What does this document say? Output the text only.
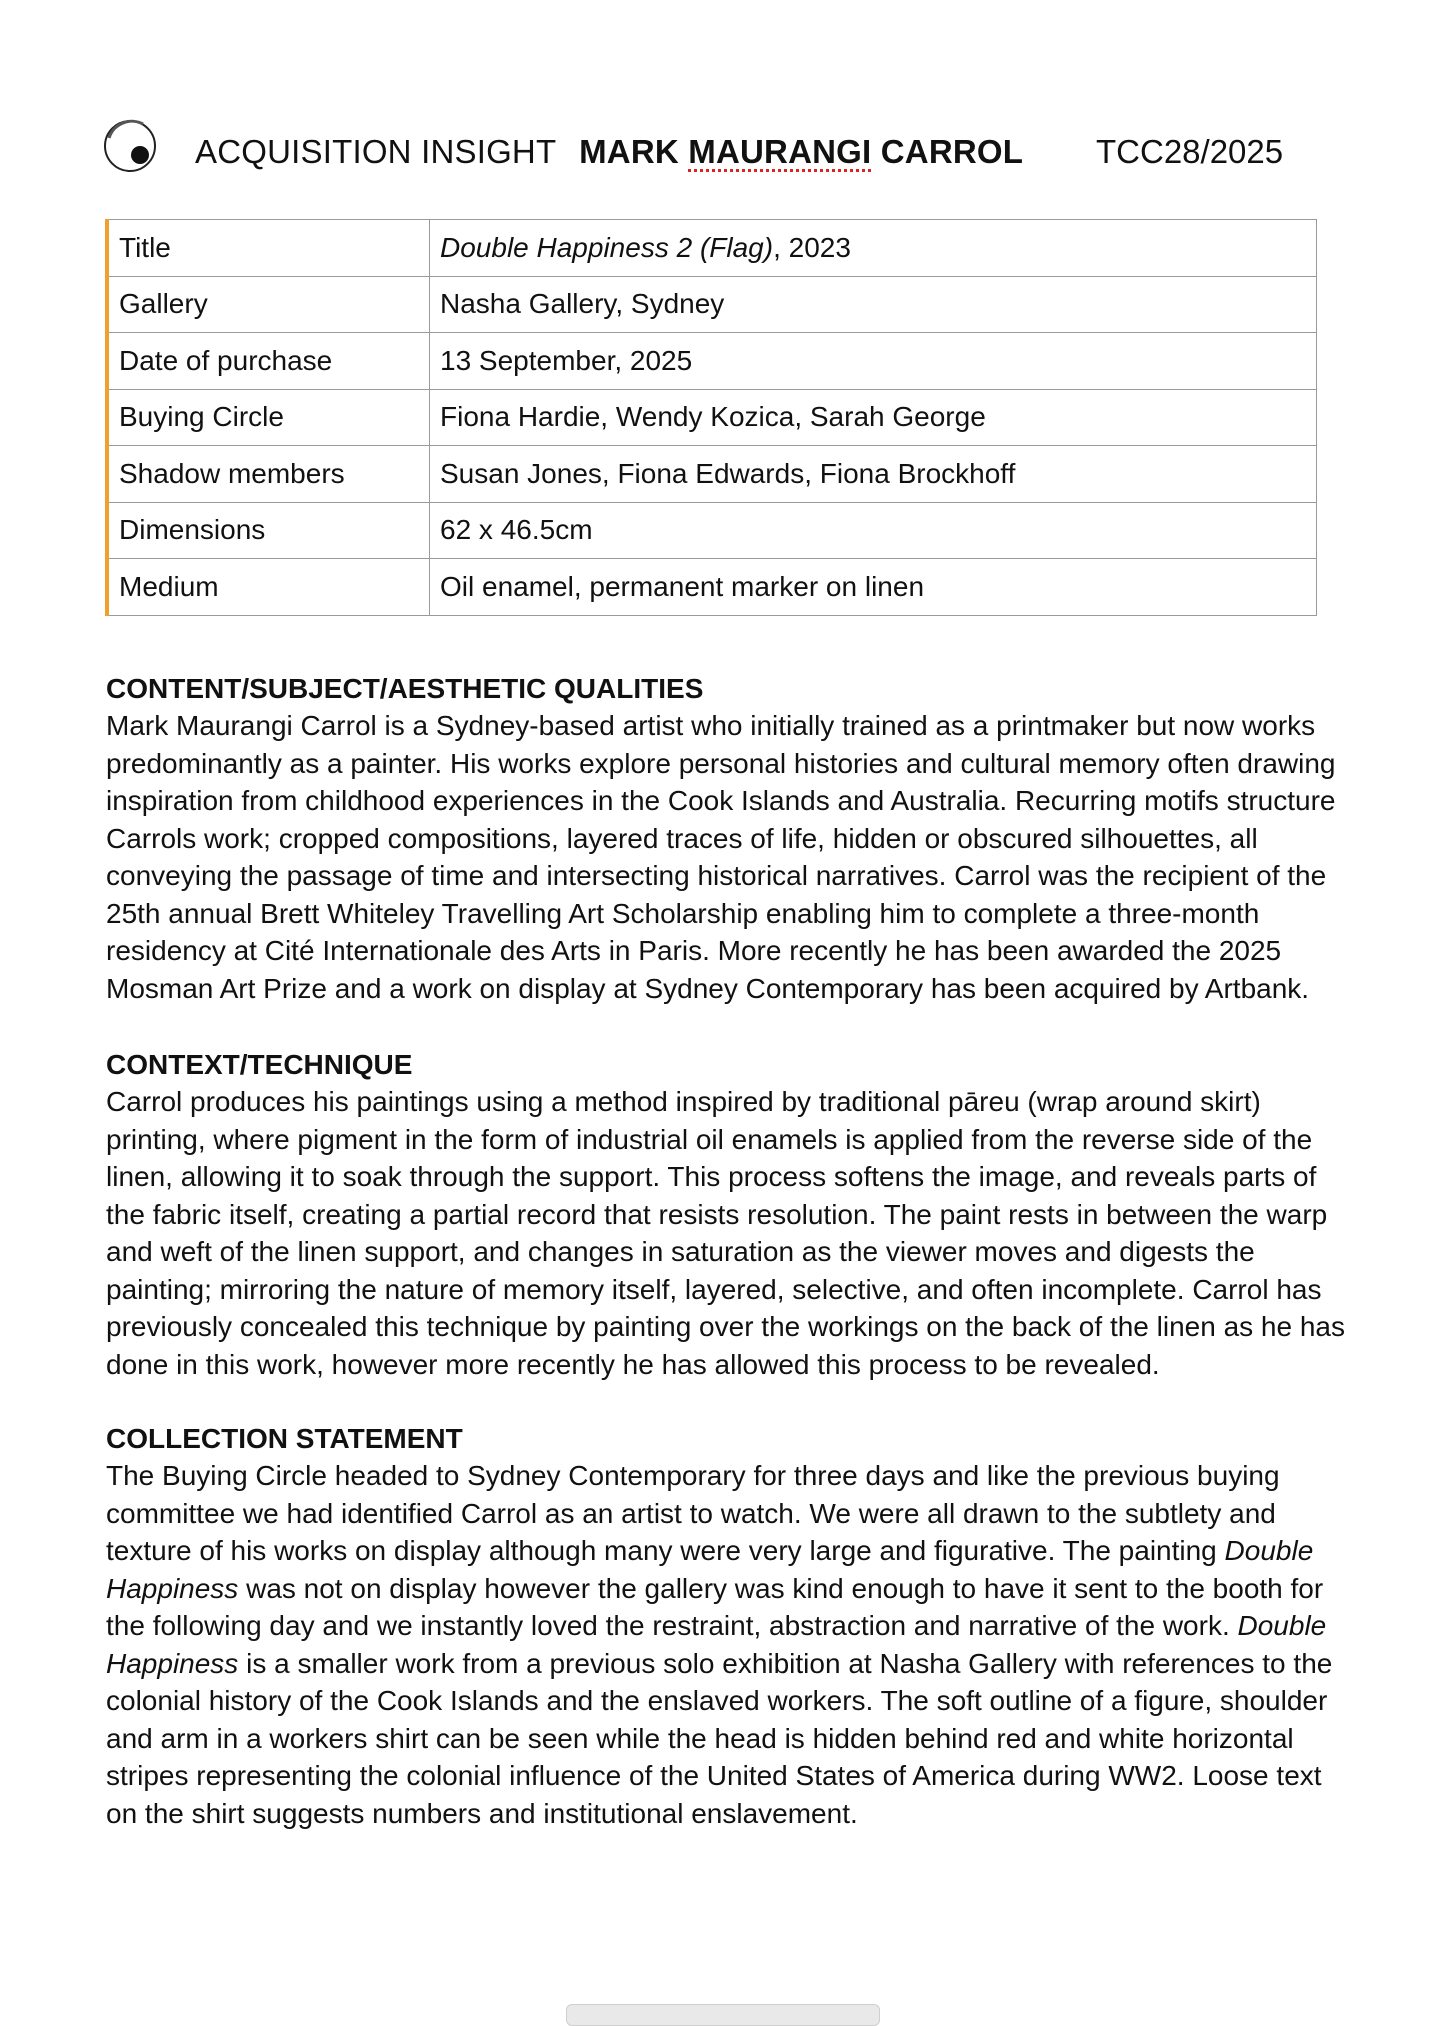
ACQUISITION INSIGHT MARK MAURANGI CARROL TCC28/2025
Title	Double Happiness 2 (Flag), 2023
Gallery	Nasha Gallery, Sydney
Date of purchase	13 September, 2025
Buying Circle	Fiona Hardie, Wendy Kozica, Sarah George
Shadow members	Susan Jones, Fiona Edwards, Fiona Brockhoff
Dimensions	62 x 46.5cm
Medium	Oil enamel, permanent marker on linen
CONTENT/SUBJECT/AESTHETIC QUALITIES

Mark Maurangi Carrol is a Sydney-based artist who initially trained as a printmaker but now works predominantly as a painter. His works explore personal histories and cultural memory often drawing inspiration from childhood experiences in the Cook Islands and Australia. Recurring motifs structure Carrols work; cropped compositions, layered traces of life, hidden or obscured silhouettes, all conveying the passage of time and intersecting historical narratives. Carrol was the recipient of the 25th annual Brett Whiteley Travelling Art Scholarship enabling him to complete a three-month residency at Cité Internationale des Arts in Paris. More recently he has been awarded the 2025 Mosman Art Prize and a work on display at Sydney Contemporary has been acquired by Artbank.

CONTEXT/TECHNIQUE

Carrol produces his paintings using a method inspired by traditional pāreu (wrap around skirt) printing, where pigment in the form of industrial oil enamels is applied from the reverse side of the linen, allowing it to soak through the support. This process softens the image, and reveals parts of the fabric itself, creating a partial record that resists resolution. The paint rests in between the warp and weft of the linen support, and changes in saturation as the viewer moves and digests the painting; mirroring the nature of memory itself, layered, selective, and often incomplete. Carrol has previously concealed this technique by painting over the workings on the back of the linen as he has done in this work, however more recently he has allowed this process to be revealed.

COLLECTION STATEMENT

The Buying Circle headed to Sydney Contemporary for three days and like the previous buying committee we had identified Carrol as an artist to watch. We were all drawn to the subtlety and texture of his works on display although many were very large and figurative. The painting Double Happiness was not on display however the gallery was kind enough to have it sent to the booth for the following day and we instantly loved the restraint, abstraction and narrative of the work. Double Happiness is a smaller work from a previous solo exhibition at Nasha Gallery with references to the colonial history of the Cook Islands and the enslaved workers. The soft outline of a figure, shoulder and arm in a workers shirt can be seen while the head is hidden behind red and white horizontal stripes representing the colonial influence of the United States of America during WW2. Loose text on the shirt suggests numbers and institutional enslavement.
